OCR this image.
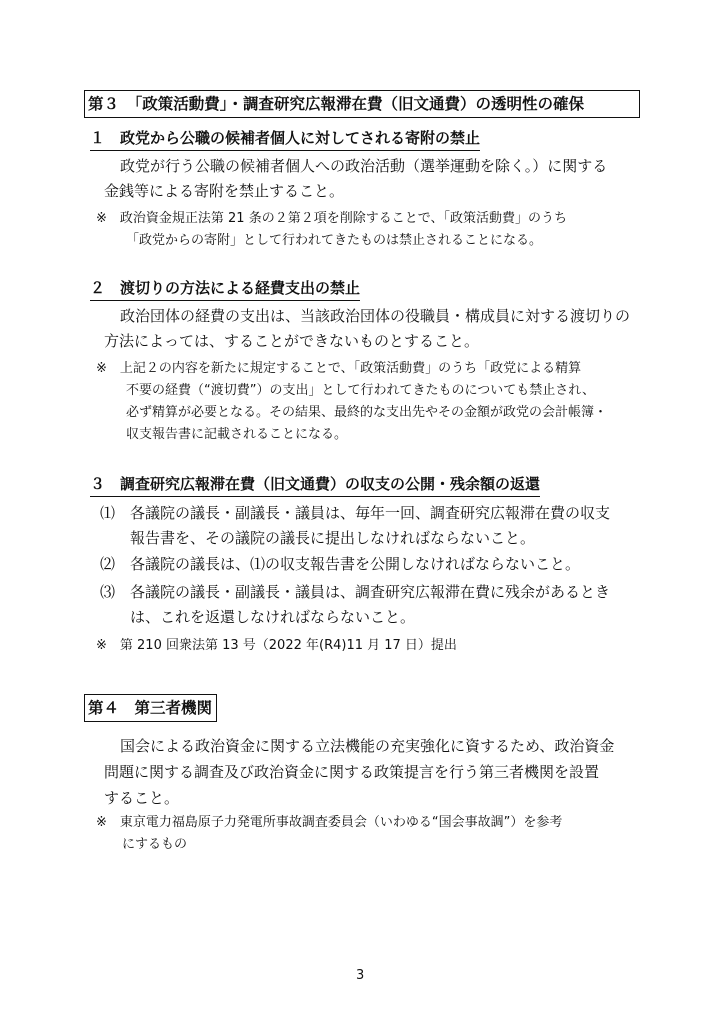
第３　「政策活動費」・調査研究広報滞在費（旧文通費）の透明性の確保
１　政党から公職の候補者個人に対してされる寄附の禁止
政党が行う公職の候補者個人への政治活動（選挙運動を除く。）に関する
金銭等による寄附を禁止すること。
※　政治資金規正法第 21 条の２第２項を削除することで、「政策活動費」のうち
「政党からの寄附」として行われてきたものは禁止されることになる。
２　渡切りの方法による経費支出の禁止
政治団体の経費の支出は、当該政治団体の役職員・構成員に対する渡切りの
方法によっては、することができないものとすること。
※　上記２の内容を新たに規定することで、「政策活動費」のうち「政党による精算
不要の経費（“渡切費”）の支出」として行われてきたものについても禁止され、
必ず精算が必要となる。その結果、最終的な支出先やその金額が政党の会計帳簿・
収支報告書に記載されることになる。
３　調査研究広報滞在費（旧文通費）の収支の公開・残余額の返還
⑴　各議院の議長・副議長・議員は、毎年一回、調査研究広報滞在費の収支
報告書を、その議院の議長に提出しなければならないこと。
⑵　各議院の議長は、⑴の収支報告書を公開しなければならないこと。
⑶　各議院の議長・副議長・議員は、調査研究広報滞在費に残余があるとき
は、これを返還しなければならないこと。
※　第 210 回衆法第 13 号（2022 年(R4)11 月 17 日）提出
第４　第三者機関
国会による政治資金に関する立法機能の充実強化に資するため、政治資金
問題に関する調査及び政治資金に関する政策提言を行う第三者機関を設置
すること。
※　東京電力福島原子力発電所事故調査委員会（いわゆる“国会事故調”）を参考
にするもの
3
